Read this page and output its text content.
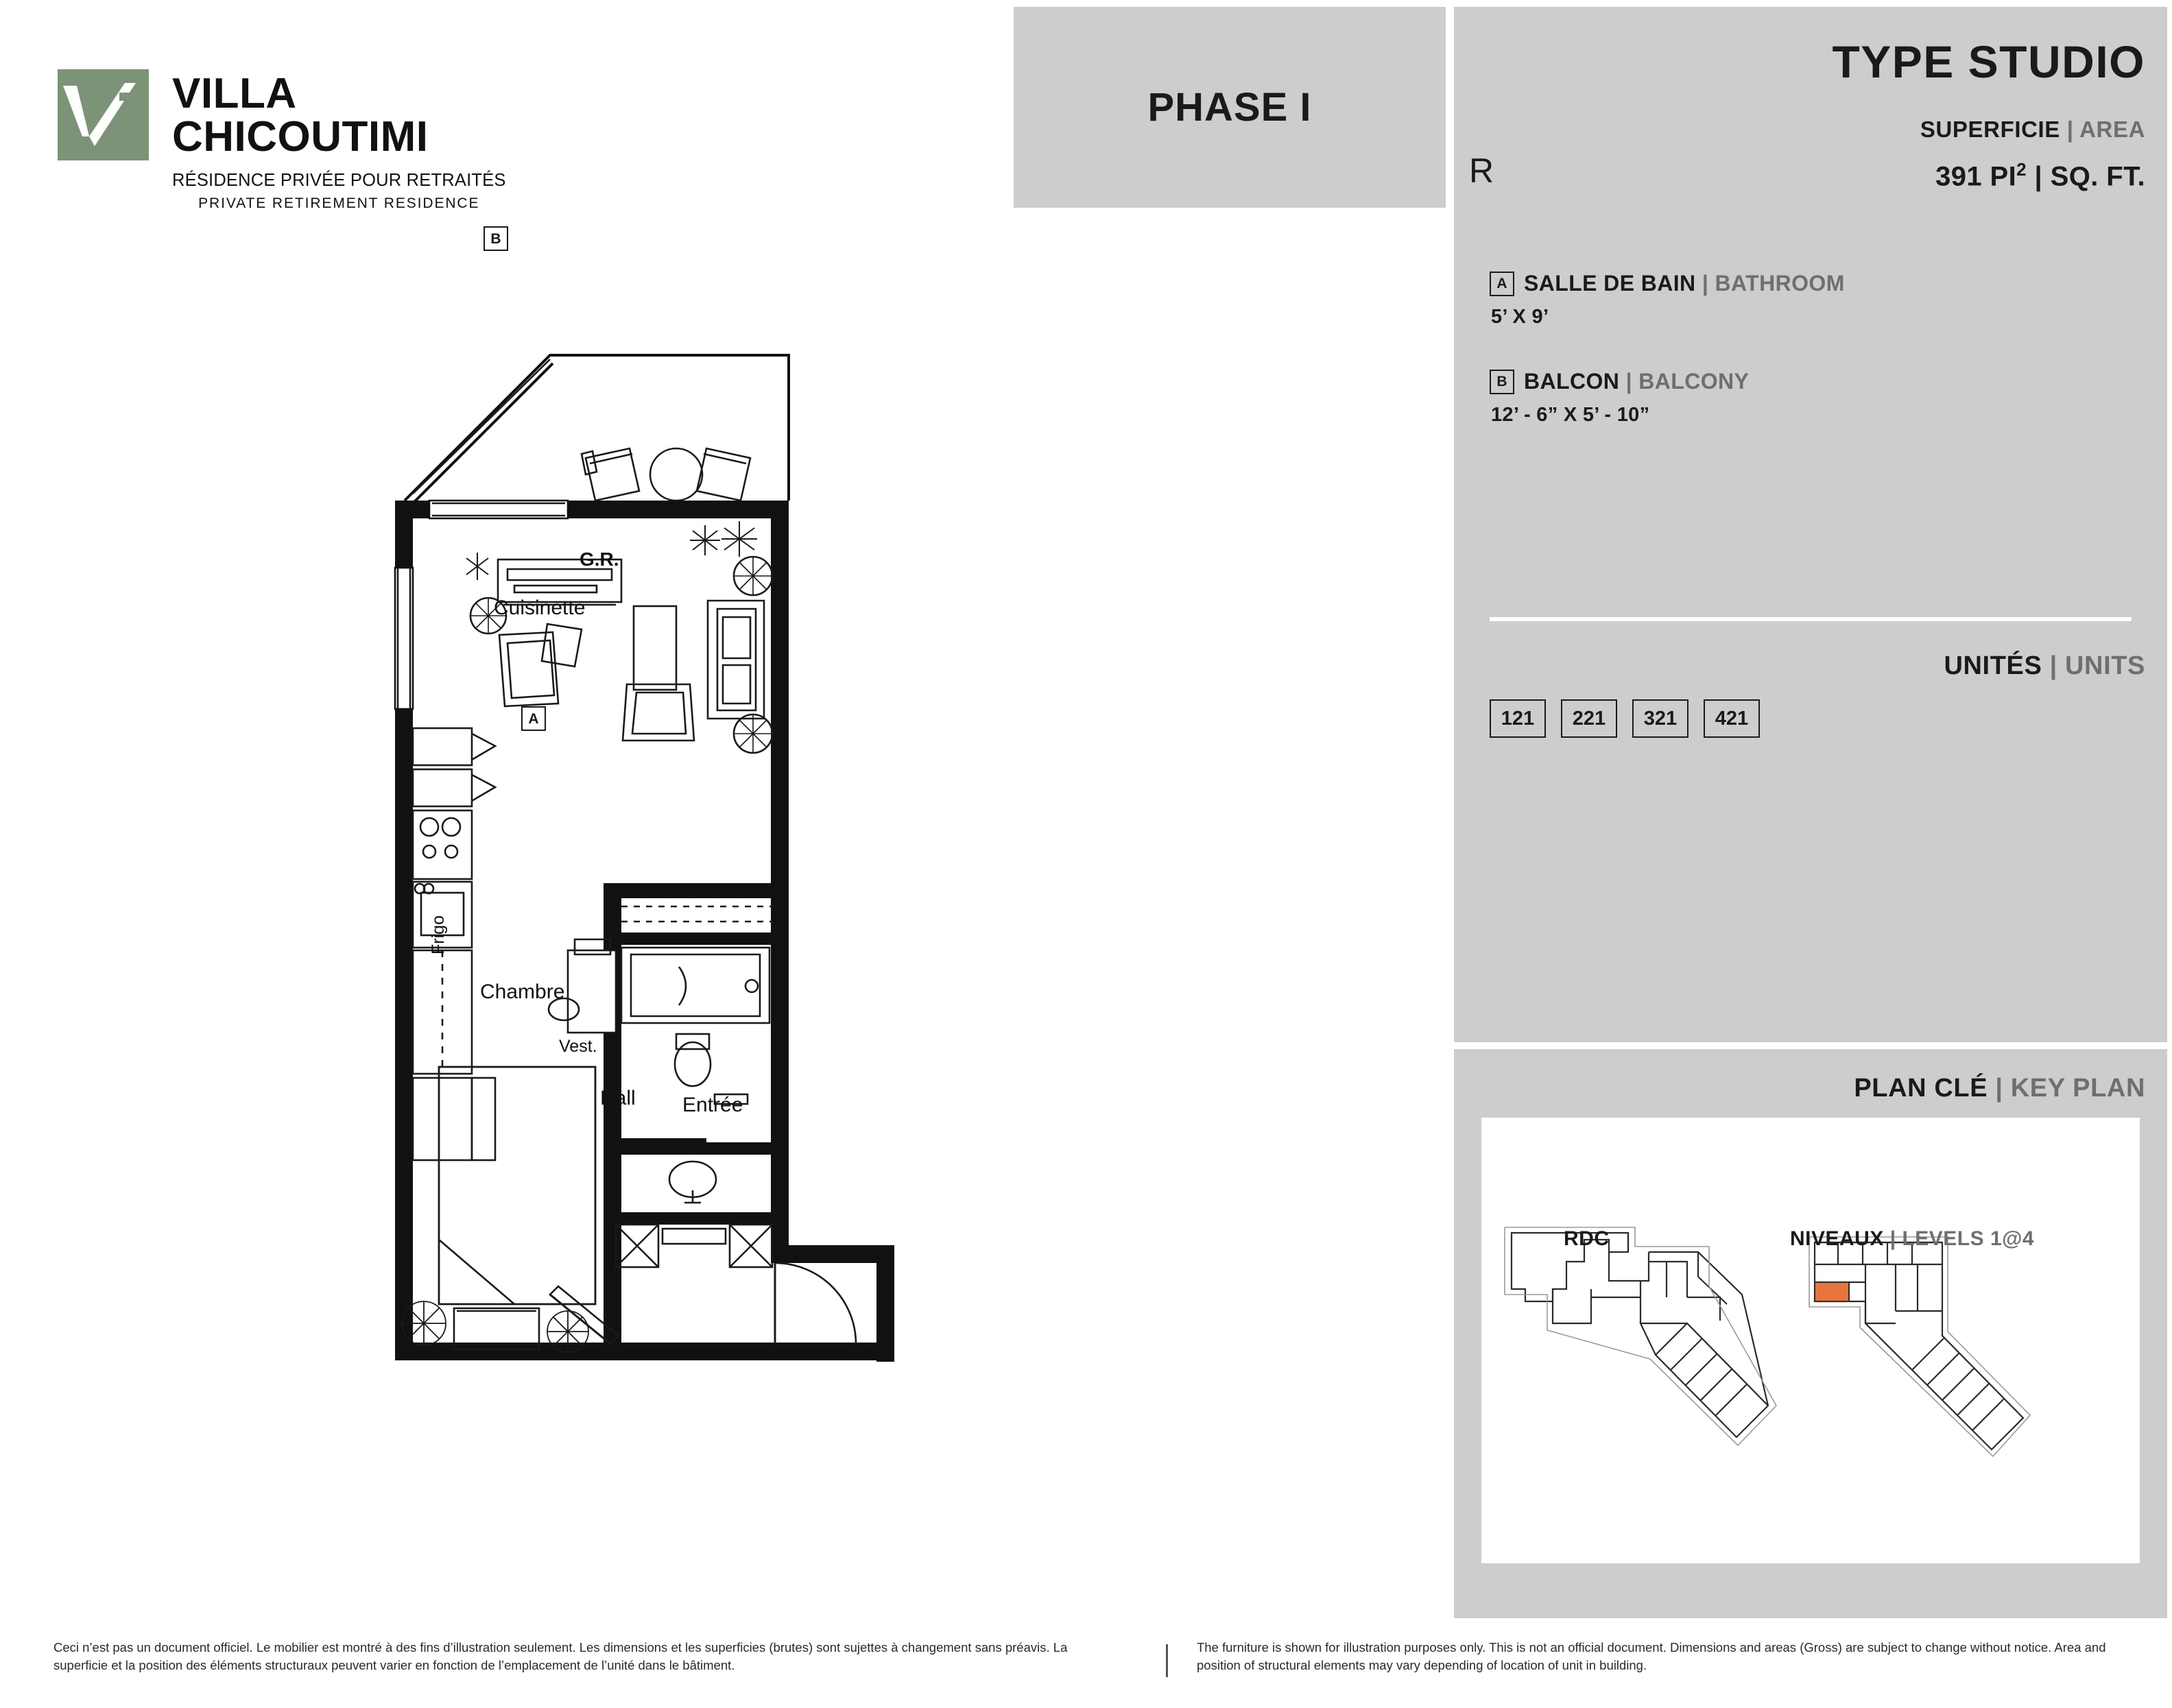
VILLA
CHICOUTIMI
RÉSIDENCE PRIVÉE POUR RETRAITÉS
PRIVATE RETIREMENT RESIDENCE
PHASE I
TYPE STUDIO
SUPERFICIE | AREA
391 $PI^2$ | SQ. FT.
R
A SALLE DE BAIN | BATHROOM
5’ X 9’
B BALCON | BALCONY
12’ - 6” X 5’ - 10”
UNITÉS | UNITS
121	221	321	421
PLAN CLÉ | KEY PLAN
RDC	NIVEAUX | LEVELS 1@4
Cuisinette
Chambre
Hall Entrée
G.R.
Vest.
Frigo
A
B
Ceci n’est pas un document officiel. Le mobilier est montré à des fins d’illustration seulement. Les dimensions et les superficies (brutes) sont sujettes à changement sans préavis. La superficie et la position des éléments structuraux peuvent varier en fonction de l’emplacement de l’unité dans le bâtiment.
The furniture is shown for illustration purposes only. This is not an official document. Dimensions and areas (Gross) are subject to change without notice. Area and position of structural elements may vary depending of location of unit in building.
